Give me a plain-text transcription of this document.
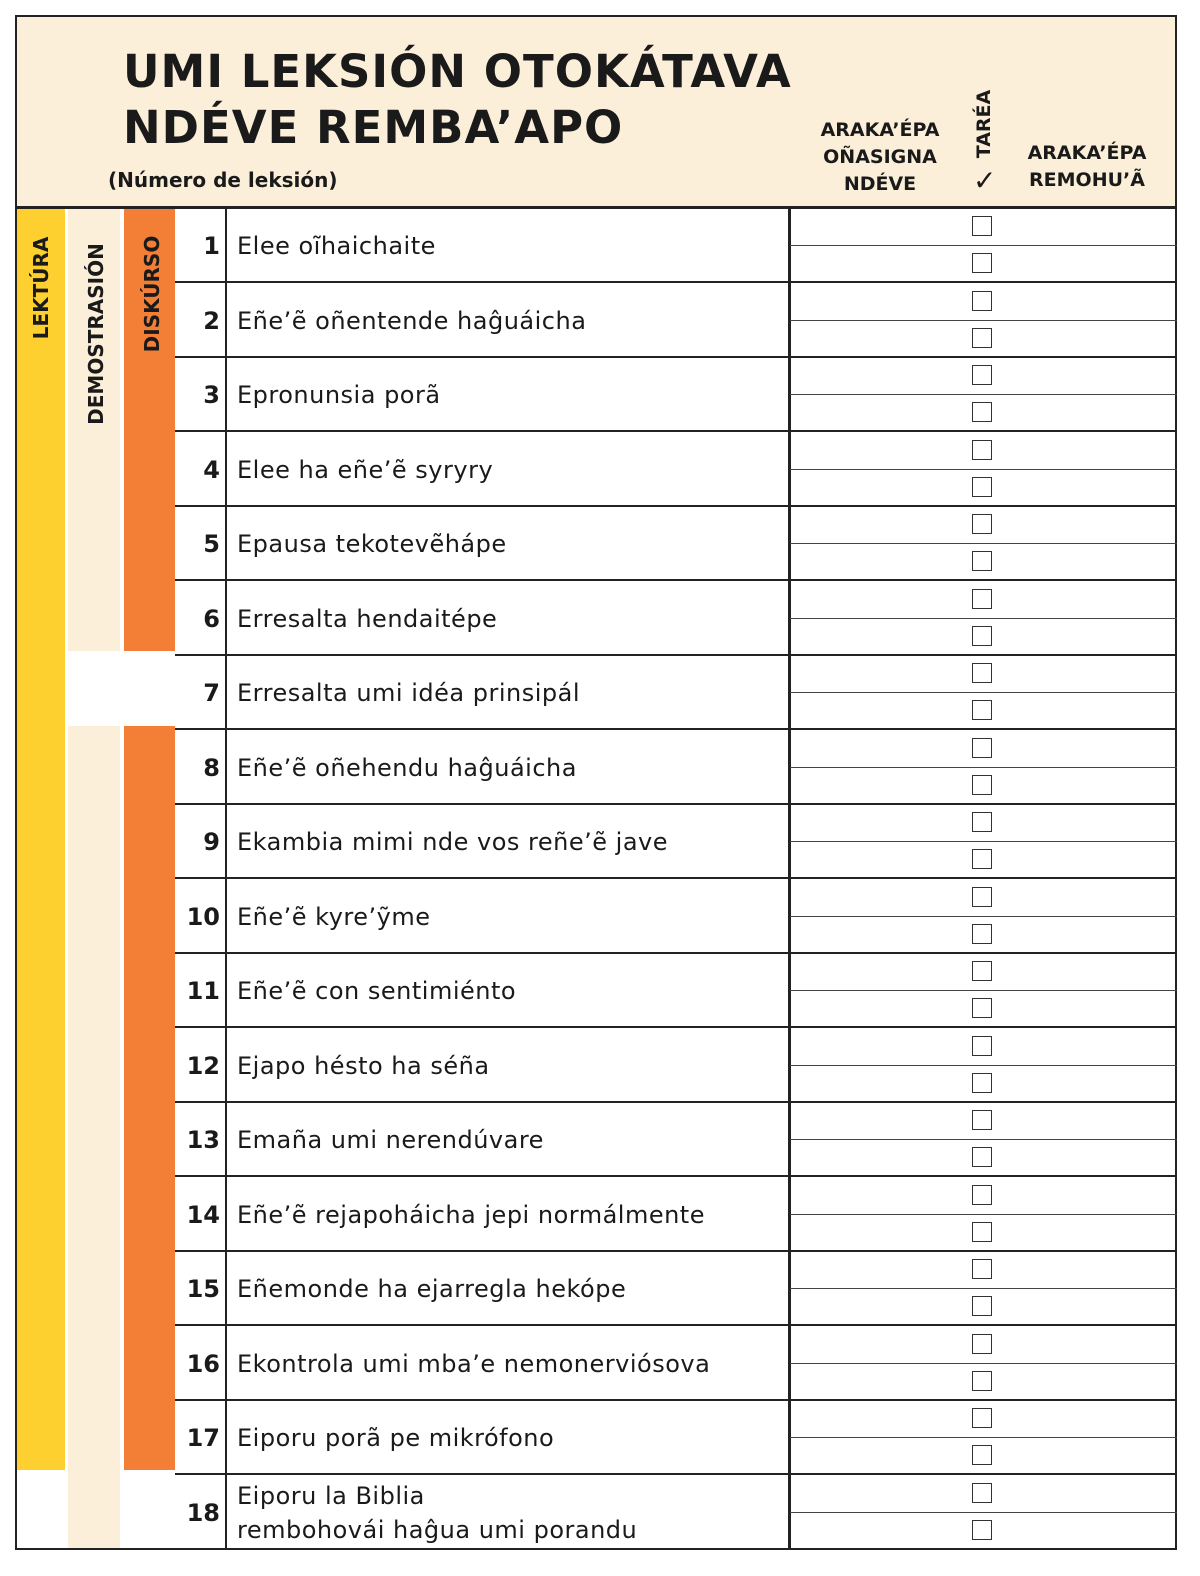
UMI LEKSIÓN OTOKÁTAVA
NDÉVE REMBA’APO
(Número de leksión)
ARAKA’ÉPA OÑASIGNA NDÉVE
TARÉA
✓
ARAKA’ÉPA REMOHU’Ã
LEKTÚRA DEMOSTRASIÓN DISKÚRSO	1 Elee oĩhaichaite
2 Eñe’ẽ oñentende haĝuáicha
3 Epronunsia porã
4 Elee ha eñe’ẽ syryry
5 Epausa tekotevẽhápe
6 Erresalta hendaitépe
7 Erresalta umi idéa prinsipál
8 Eñe’ẽ oñehendu haĝuáicha
9 Ekambia mimi nde vos reñe’ẽ jave
10 Eñe’ẽ kyre’ỹme
11 Eñe’ẽ con sentimiénto
12 Ejapo hésto ha séña
13 Emaña umi nerendúvare
14 Eñe’ẽ rejapoháicha jepi normálmente
15 Eñemonde ha ejarregla hekópe
16 Ekontrola umi mba’e nemonerviósova
17 Eiporu porã pe mikrófono
18
Eiporu la Biblia
rembohovái haĝua umi porandu
